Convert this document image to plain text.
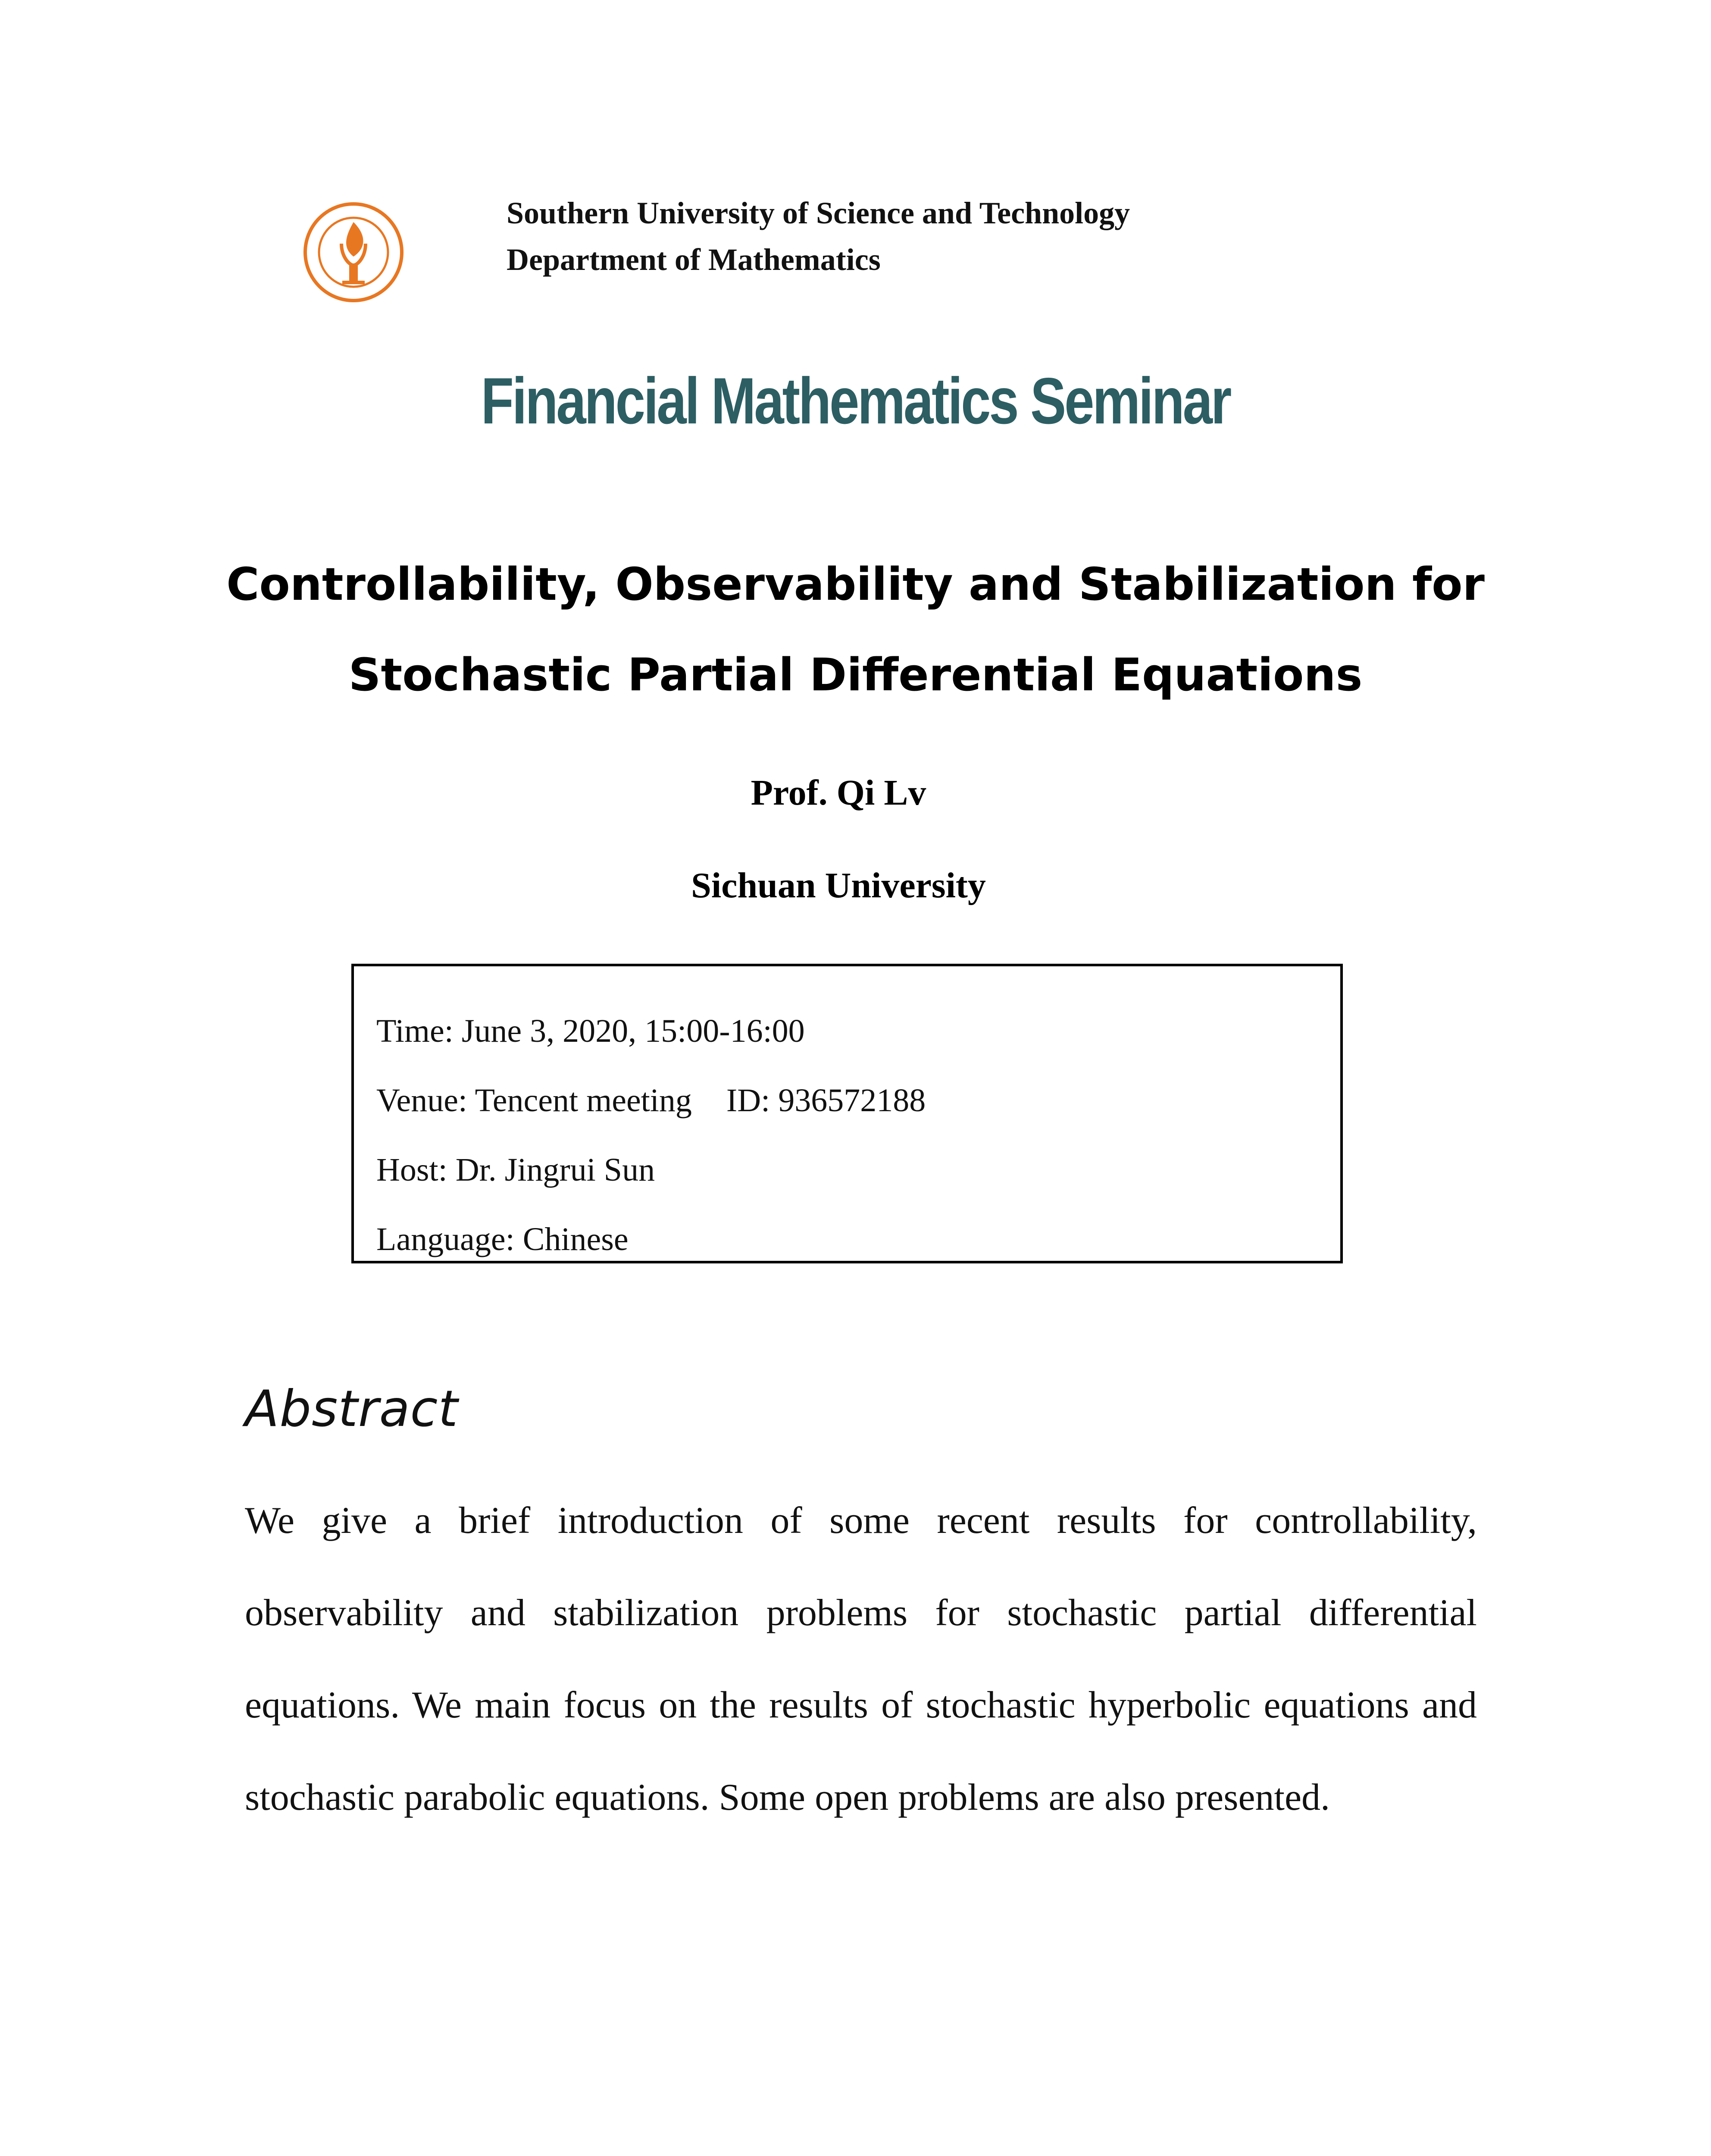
Southern University of Science and Technology
Department of Mathematics
Financial Mathematics Seminar
Controllability, Observability and Stabilization for
Stochastic Partial Differential Equations
Prof. Qi Lv
Sichuan University
Time: June 3, 2020, 15:00-16:00
Venue: Tencent meeting ID: 936572188
Host: Dr. Jingrui Sun
Language: Chinese
Abstract

We give a brief introduction of some recent results for controllability, observability and stabilization problems for stochastic partial differential equations. We main focus on the results of stochastic hyperbolic equations and stochastic parabolic equations. Some open problems are also presented.
